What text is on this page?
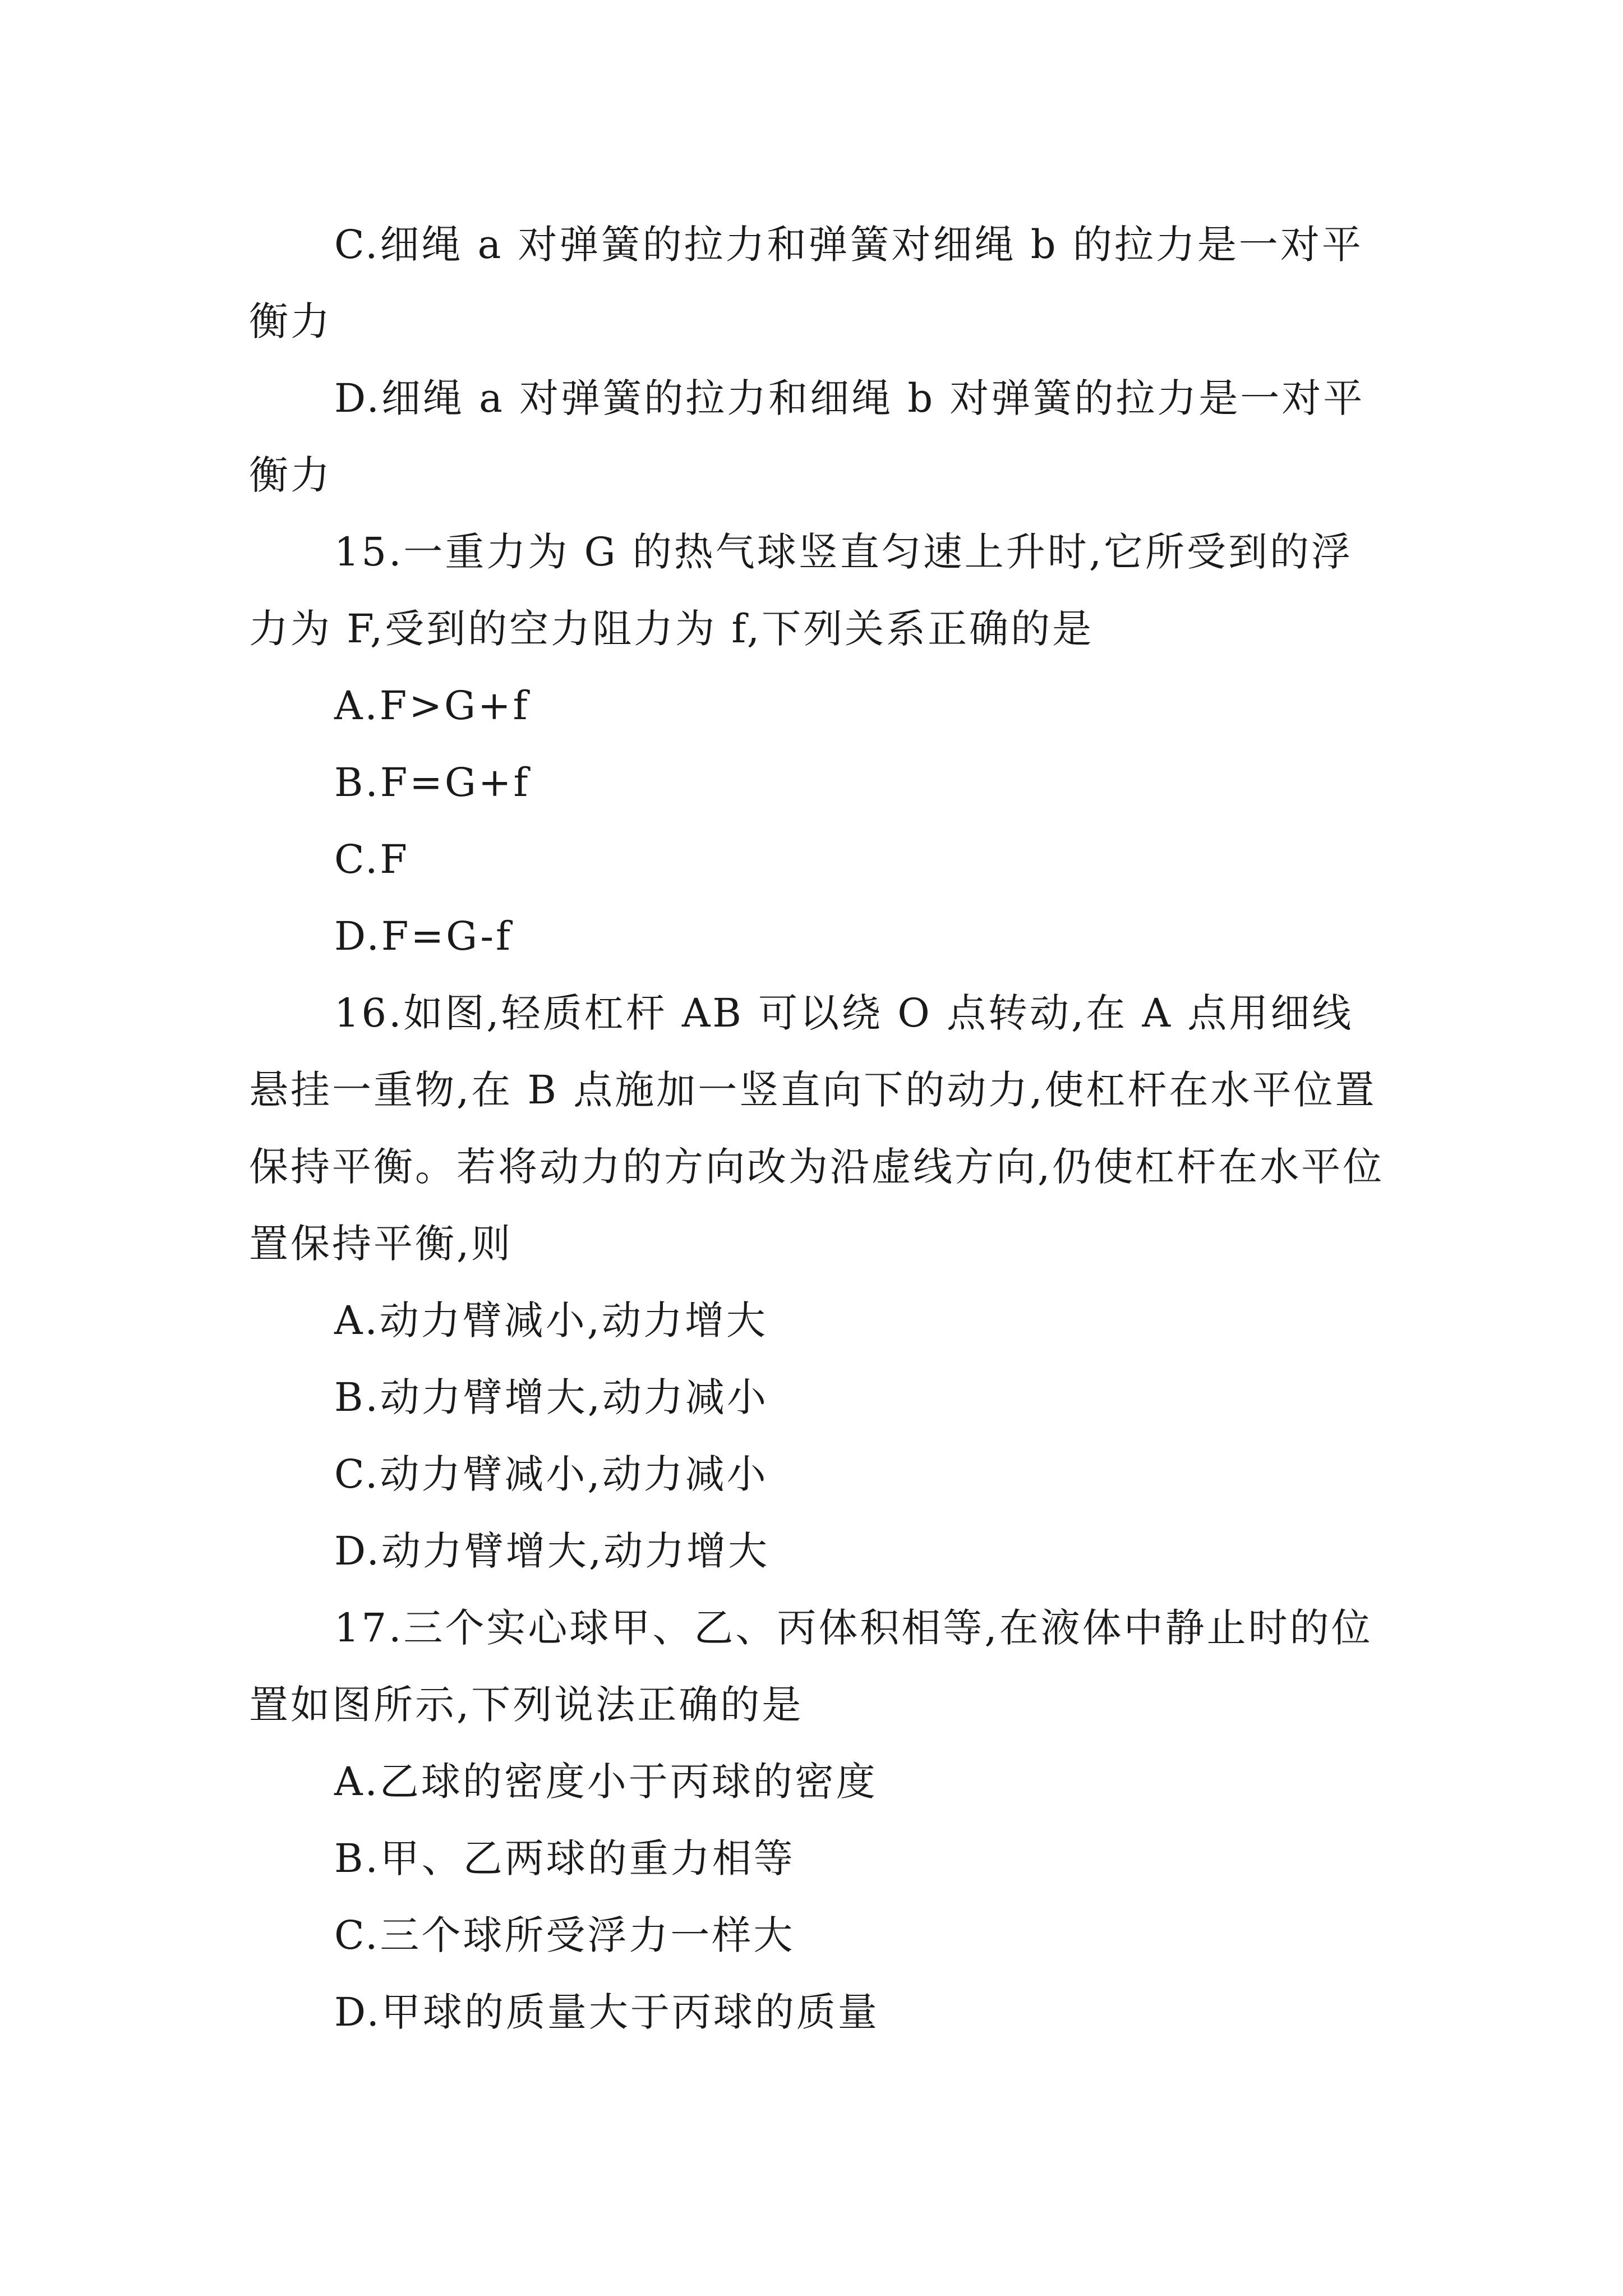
C.细绳 a 对弹簧的拉力和弹簧对细绳 b 的拉力是一对平衡力

D.细绳 a 对弹簧的拉力和细绳 b 对弹簧的拉力是一对平衡力

15.一重力为 G 的热气球竖直匀速上升时,它所受到的浮力为 F,受到的空力阻力为 f,下列关系正确的是

A.F>G+f

B.F=G+f

C.F

D.F=G-f

16.如图,轻质杠杆 AB 可以绕 O 点转动,在 A 点用细线悬挂一重物,在 B 点施加一竖直向下的动力,使杠杆在水平位置保持平衡。若将动力的方向改为沿虚线方向,仍使杠杆在水平位置保持平衡,则

A.动力臂减小,动力增大

B.动力臂增大,动力减小

C.动力臂减小,动力减小

D.动力臂增大,动力增大

17.三个实心球甲、乙、丙体积相等,在液体中静止时的位置如图所示,下列说法正确的是

A.乙球的密度小于丙球的密度

B.甲、乙两球的重力相等

C.三个球所受浮力一样大

D.甲球的质量大于丙球的质量
